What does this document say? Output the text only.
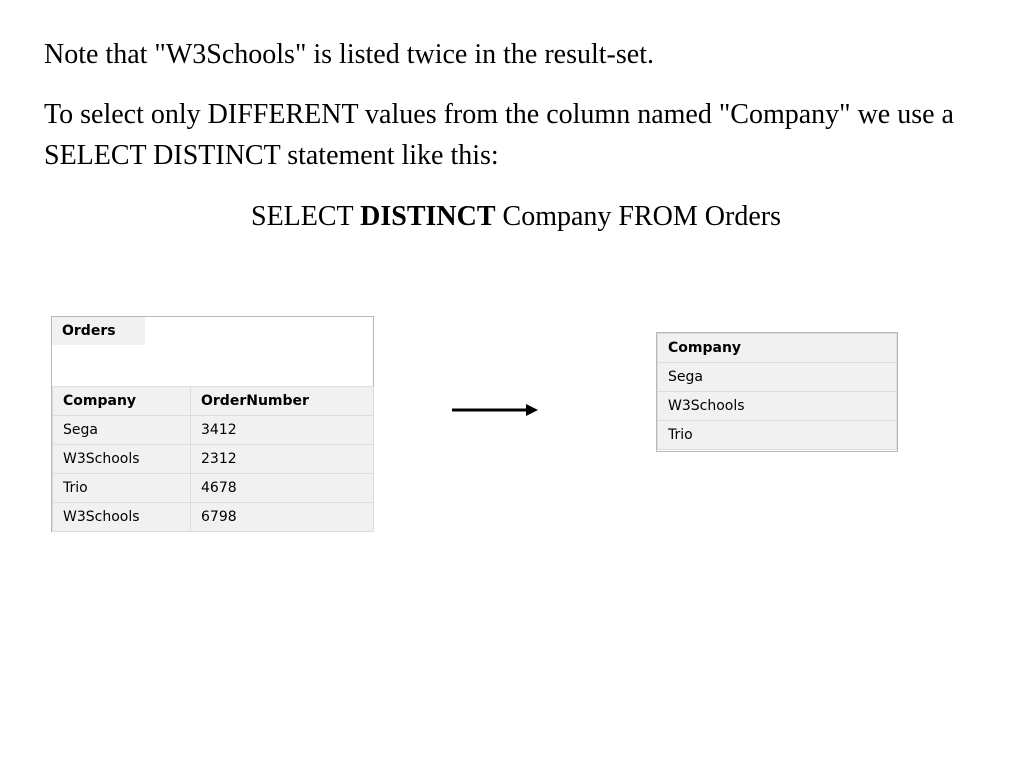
Note that "W3Schools" is listed twice in the result-set.

To select only DIFFERENT values from the column named "Company" we use a SELECT DISTINCT statement like this:

SELECT DISTINCT Company FROM Orders
Orders
Company	OrderNumber
Sega	3412
W3Schools	2312
Trio	4678
W3Schools	6798
Company
Sega
W3Schools
Trio
